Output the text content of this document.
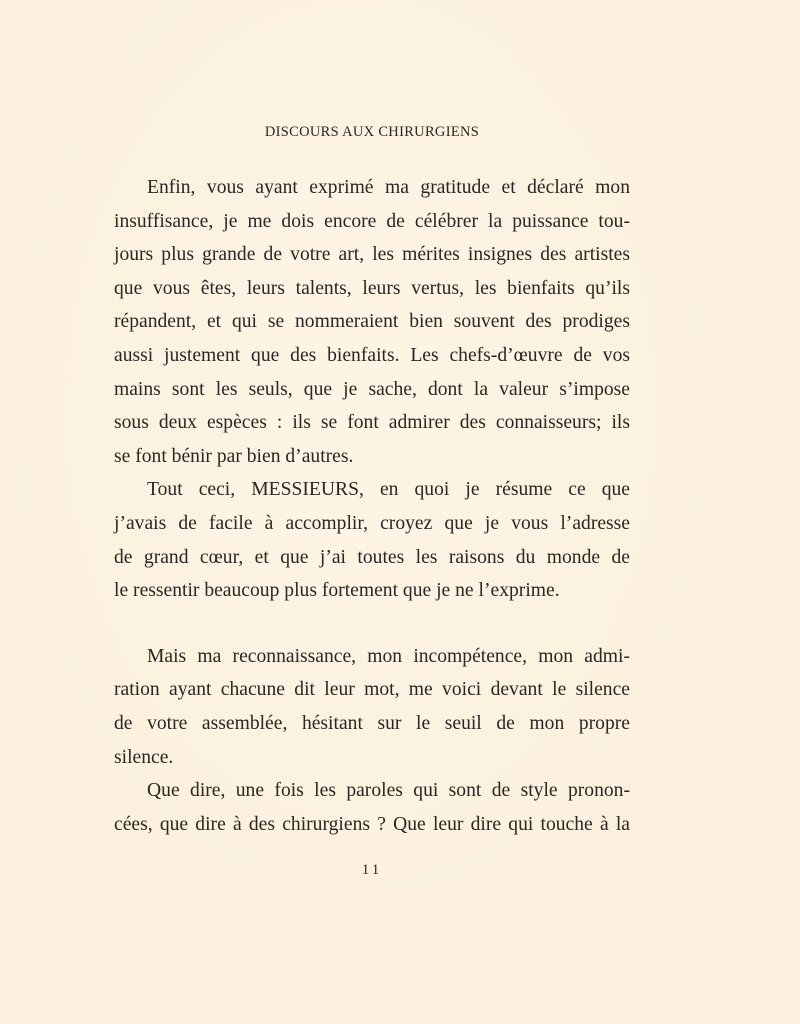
DISCOURS AUX CHIRURGIENS
Enfin, vous ayant exprimé ma gratitude et déclaré mon
insuffisance, je me dois encore de célébrer la puissance tou-
jours plus grande de votre art, les mérites insignes des artistes
que vous êtes, leurs talents, leurs vertus, les bienfaits qu’ils
répandent, et qui se nommeraient bien souvent des prodiges
aussi justement que des bienfaits. Les chefs-d’œuvre de vos
mains sont les seuls, que je sache, dont la valeur s’impose
sous deux espèces : ils se font admirer des connaisseurs; ils
se font bénir par bien d’autres.
Tout ceci, MESSIEURS, en quoi je résume ce que
j’avais de facile à accomplir, croyez que je vous l’adresse
de grand cœur, et que j’ai toutes les raisons du monde de
le ressentir beaucoup plus fortement que je ne l’exprime.
Mais ma reconnaissance, mon incompétence, mon admi-
ration ayant chacune dit leur mot, me voici devant le silence
de votre assemblée, hésitant sur le seuil de mon propre
silence.
Que dire, une fois les paroles qui sont de style pronon-
cées, que dire à des chirurgiens ? Que leur dire qui touche à la
11
